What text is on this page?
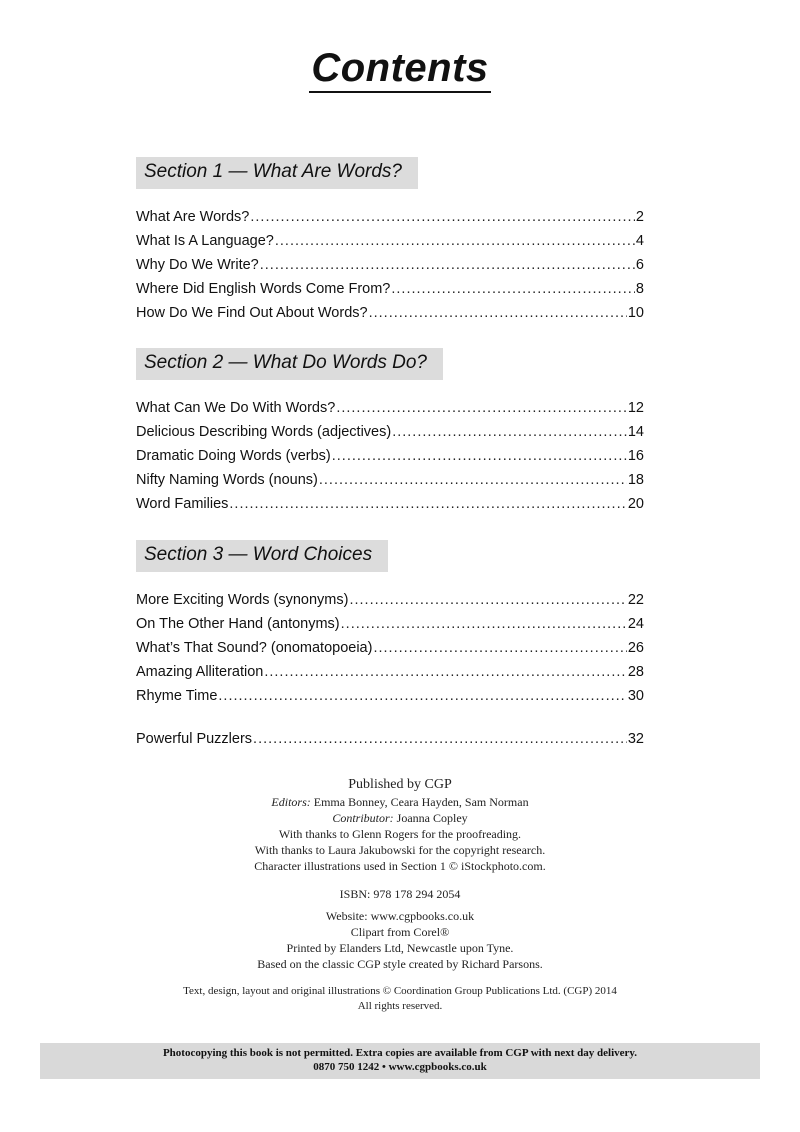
Contents
Section 1 — What Are Words?
What Are Words? .....	2
What Is A Language? .....	4
Why Do We Write? .....	6
Where Did English Words Come From? .....	8
How Do We Find Out About Words? .....	10
Section 2 — What Do Words Do?
What Can We Do With Words? .....	12
Delicious Describing Words (adjectives) .....	14
Dramatic Doing Words (verbs) .....	16
Nifty Naming Words (nouns) .....	18
Word Families .....	20
Section 3 — Word Choices
More Exciting Words (synonyms) .....	22
On The Other Hand (antonyms) .....	24
What’s That Sound? (onomatopoeia) .....	26
Amazing Alliteration .....	28
Rhyme Time .....	30
Powerful Puzzlers .....	32
Published by CGP
Editors: Emma Bonney, Ceara Hayden, Sam Norman
Contributor: Joanna Copley
With thanks to Glenn Rogers for the proofreading.
With thanks to Laura Jakubowski for the copyright research.
Character illustrations used in Section 1 © iStockphoto.com.
ISBN: 978 178 294 2054
Website: www.cgpbooks.co.uk
Clipart from Corel®
Printed by Elanders Ltd, Newcastle upon Tyne.
Based on the classic CGP style created by Richard Parsons.
Text, design, layout and original illustrations © Coordination Group Publications Ltd. (CGP) 2014
All rights reserved.
Photocopying this book is not permitted. Extra copies are available from CGP with next day delivery.
0870 750 1242 • www.cgpbooks.co.uk
